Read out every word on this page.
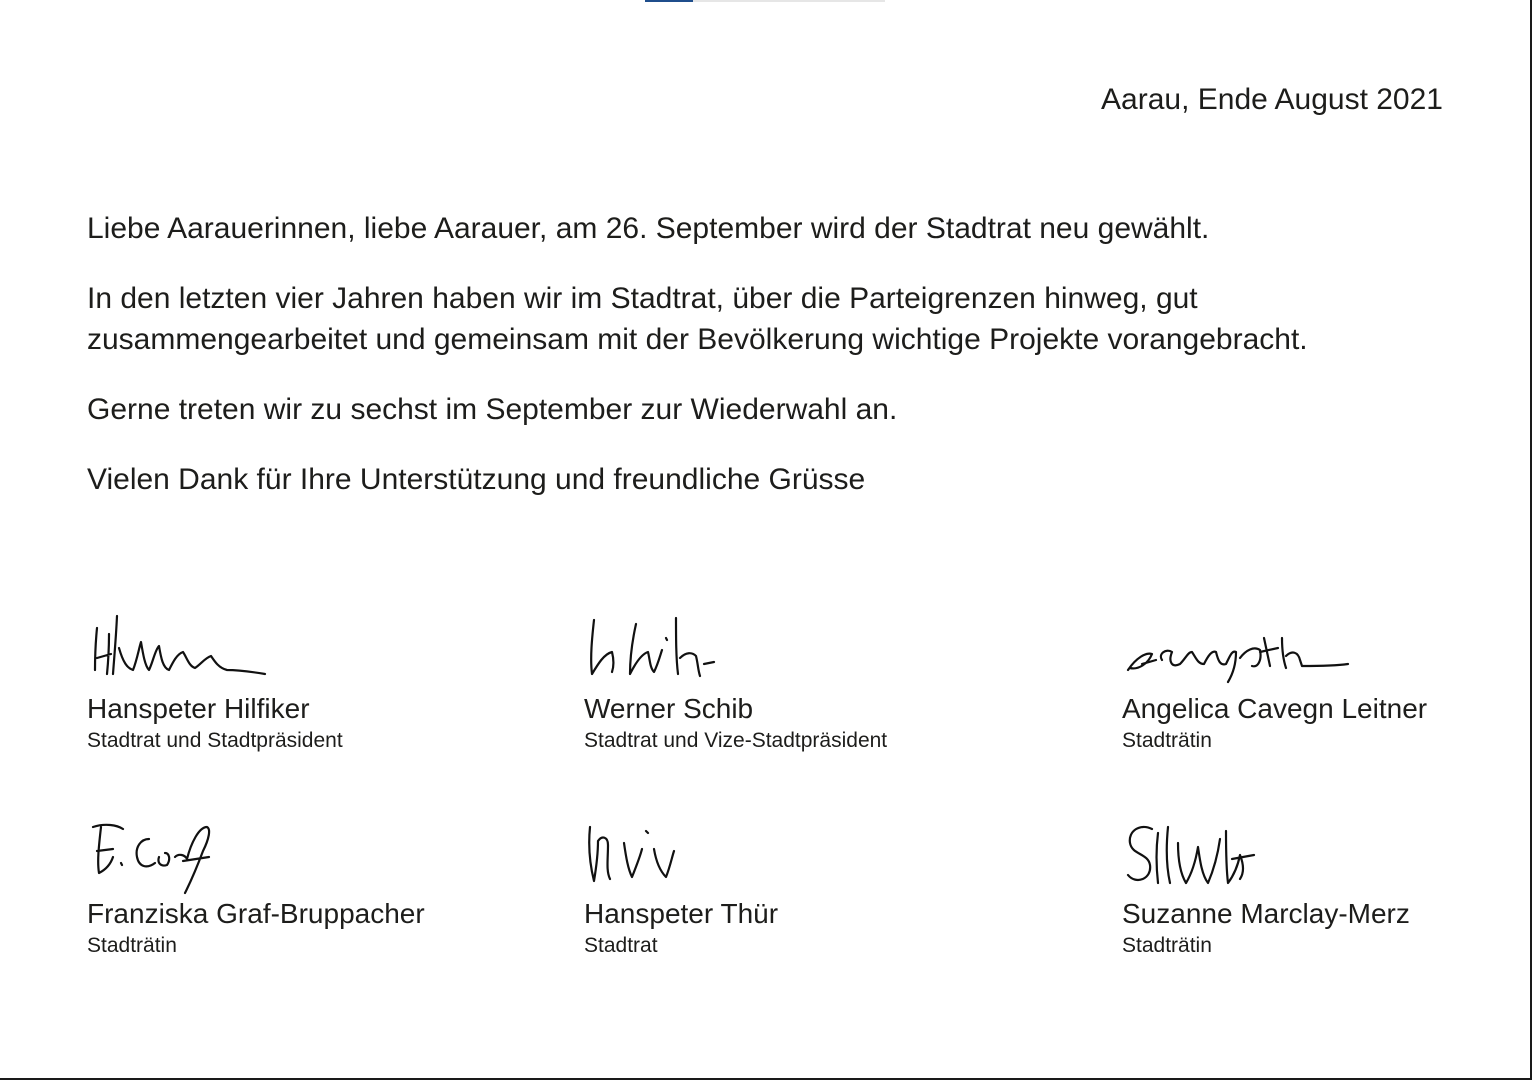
Aarau, Ende August 2021

Liebe Aarauerinnen, liebe Aarauer, am 26. September wird der Stadtrat neu gewählt.

In den letzten vier Jahren haben wir im Stadtrat, über die Parteigrenzen hinweg, gut

zusammengearbeitet und gemeinsam mit der Bevölkerung wichtige Projekte vorangebracht.

Gerne treten wir zu sechst im September zur Wiederwahl an.

Vielen Dank für Ihre Unterstützung und freundliche Grüsse

Hanspeter Hilfiker
Stadtrat und Stadtpräsident
Werner Schib
Stadtrat und Vize-Stadtpräsident
Angelica Cavegn Leitner
Stadträtin
Franziska Graf-Bruppacher
Stadträtin
Hanspeter Thür
Stadtrat
Suzanne Marclay-Merz
Stadträtin
